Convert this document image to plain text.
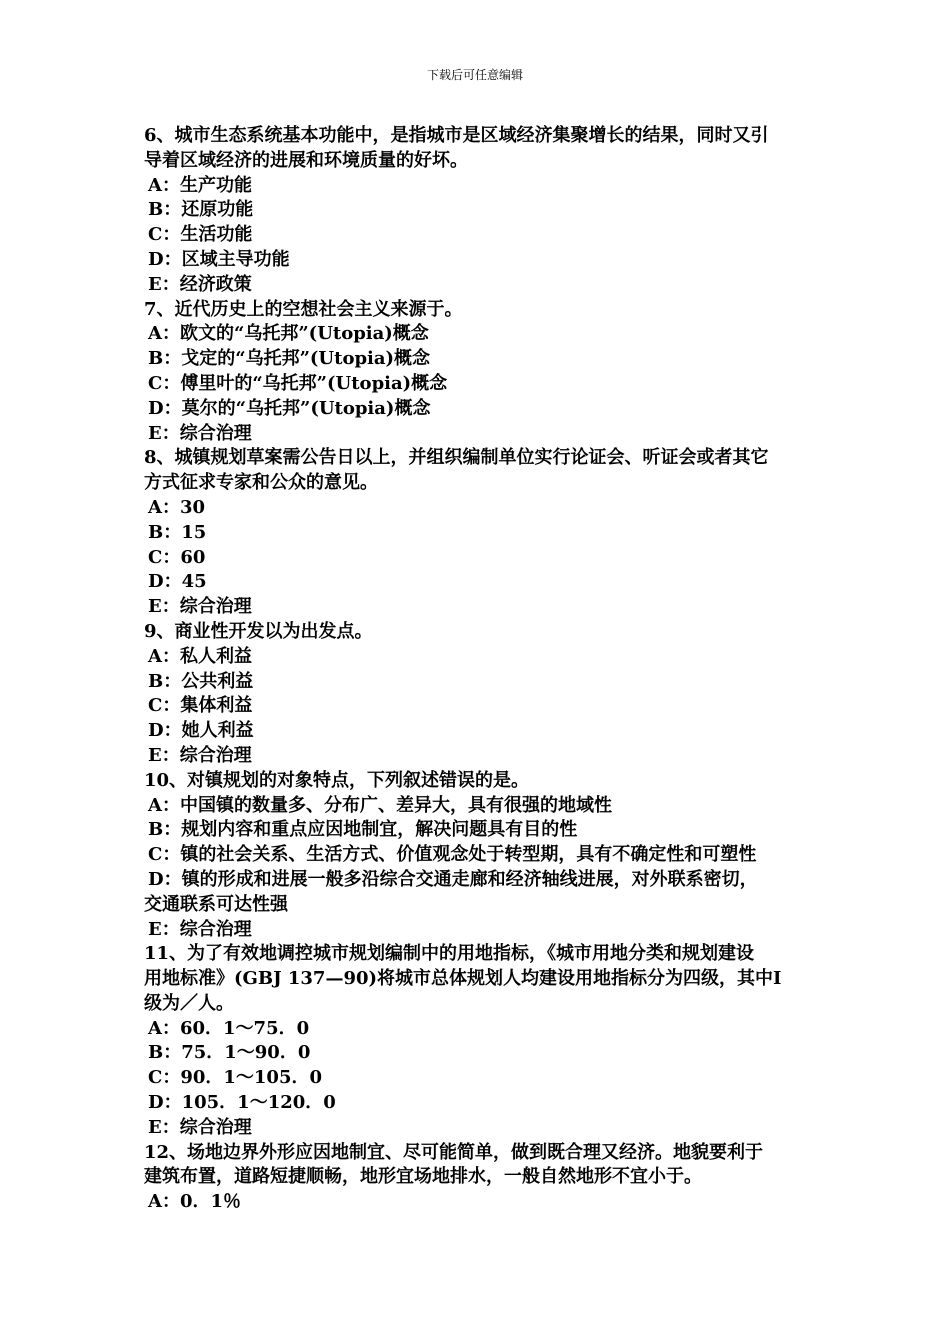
下载后可任意编辑
6、城市生态系统基本功能中，是指城市是区域经济集聚增长的结果，同时又引
导着区域经济的进展和环境质量的好坏。
A：生产功能
B：还原功能
C：生活功能
D：区域主导功能
E：经济政策
7、近代历史上的空想社会主义来源于。
A：欧文的“乌托邦”(Utopia)概念
B：戈定的“乌托邦”(Utopia)概念
C：傅里叶的“乌托邦”(Utopia)概念
D：莫尔的“乌托邦”(Utopia)概念
E：综合治理
8、城镇规划草案需公告日以上，并组织编制单位实行论证会、听证会或者其它
方式征求专家和公众的意见。
A：30
B：15
C：60
D：45
E：综合治理
9、商业性开发以为出发点。
A：私人利益
B：公共利益
C：集体利益
D：她人利益
E：综合治理
10、对镇规划的对象特点，下列叙述错误的是。
A：中国镇的数量多、分布广、差异大，具有很强的地域性
B：规划内容和重点应因地制宜，解决问题具有目的性
C：镇的社会关系、生活方式、价值观念处于转型期，具有不确定性和可塑性
D：镇的形成和进展一般多沿综合交通走廊和经济轴线进展，对外联系密切，
交通联系可达性强
E：综合治理
11、为了有效地调控城市规划编制中的用地指标，《城市用地分类和规划建设
用地标准》(GBJ 137—90)将城市总体规划人均建设用地指标分为四级，其中Ⅰ
级为／人。
A：60．1～75．0
B：75．1～90．0
C：90．1～105．0
D：105．1～120．0
E：综合治理
12、场地边界外形应因地制宜、尽可能简单，做到既合理又经济。地貌要利于
建筑布置，道路短捷顺畅，地形宜场地排水，一般自然地形不宜小于。
A：0．1％
